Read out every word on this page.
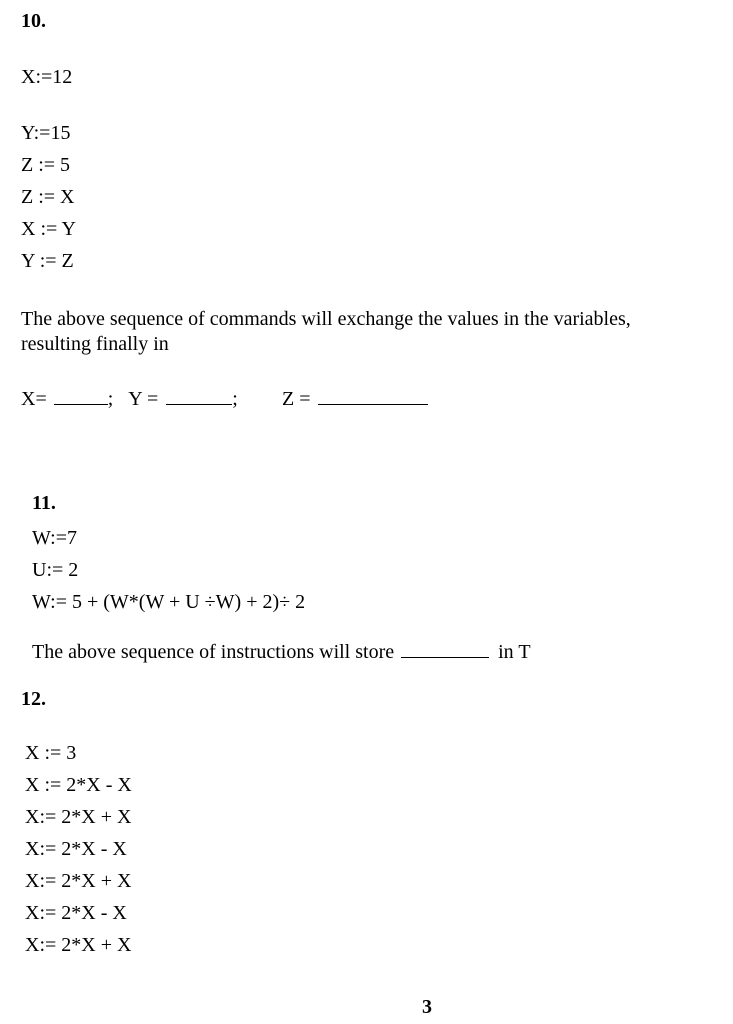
10.
X:=12
Y:=15
Z := 5
Z := X
X := Y
Y := Z
The above sequence of commands will exchange the values in the variables,
resulting finally in
X=	; Y =	; Z =
11.
W:=7
U:= 2
W:= 5 + (W*(W + U ÷W) + 2)÷ 2
The above sequence of instructions will store	in T
12.
X := 3
X := 2*X - X
X:= 2*X + X
X:= 2*X - X
X:= 2*X + X
X:= 2*X - X
X:= 2*X + X
3
